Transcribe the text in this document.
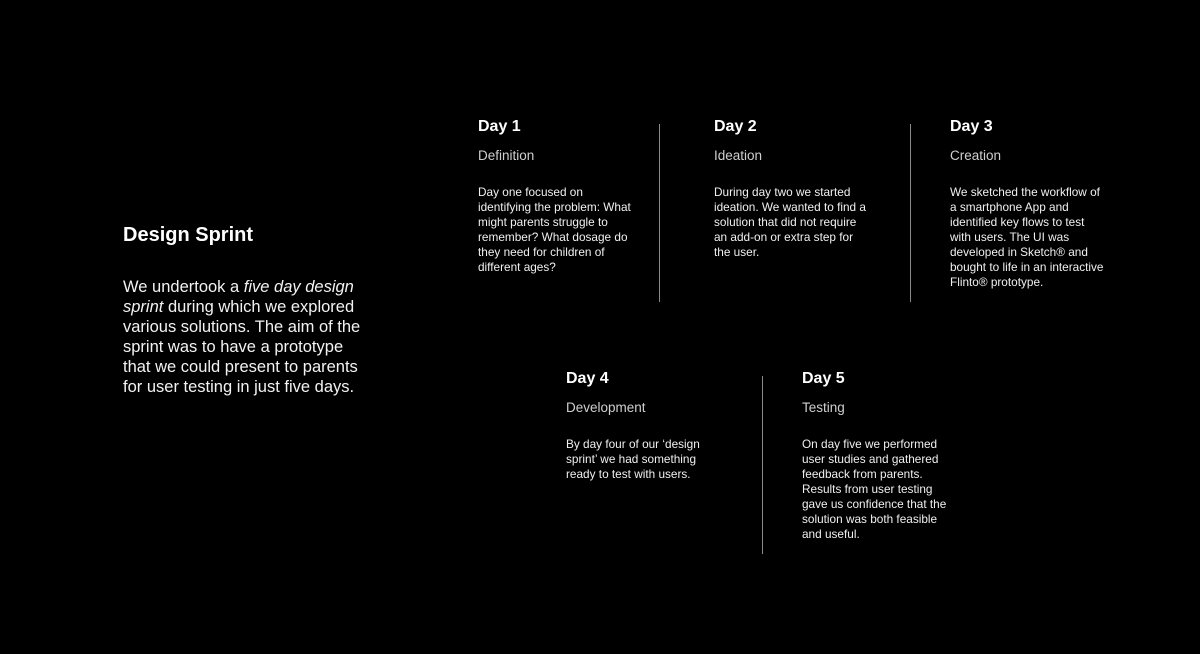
Design Sprint

We undertook a five day design sprint during which we explored various solutions. The aim of the sprint was to have a prototype that we could present to parents for user testing in just five days.

Day 1
Definition
Day one focused on identifying the problem: What might parents struggle to remember? What dosage do they need for children of different ages?
Day 2
Ideation
During day two we started ideation. We wanted to find a solution that did not require an add-on or extra step for the user.
Day 3
Creation
We sketched the workflow of a smartphone App and identified key flows to test with users. The UI was developed in Sketch® and bought to life in an interactive Flinto® prototype.
Day 4
Development
By day four of our ‘design sprint’ we had something ready to test with users.
Day 5
Testing
On day five we performed user studies and gathered feedback from parents. Results from user testing gave us confidence that the solution was both feasible and useful.
